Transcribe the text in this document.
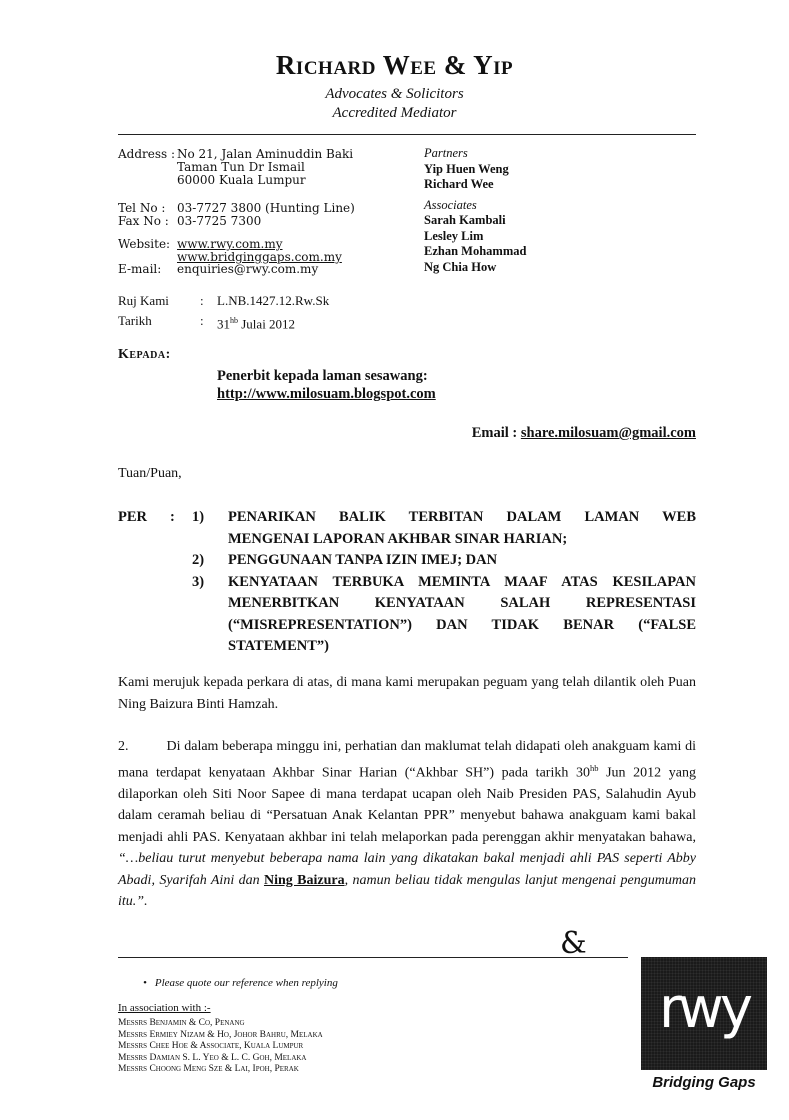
Richard Wee & Yip
Advocates & Solicitors
Accredited Mediator
Address : No 21, Jalan Aminuddin Baki
Taman Tun Dr Ismail
60000 Kuala Lumpur
Tel No : 03-7727 3800 (Hunting Line)
Fax No : 03-7725 7300
Website: www.rwy.com.my
www.bridginggaps.com.my
E-mail: enquiries@rwy.com.my
Partners
Yip Huen Weng
Richard Wee
Associates
Sarah Kambali
Lesley Lim
Ezhan Mohammad
Ng Chia How
Ruj Kami : L.NB.1427.12.Rw.Sk
Tarikh	: $31^{hb}$ Julai 2012
Kepada:
Penerbit kepada laman sesawang:
http://www.milosuam.blogspot.com
Email : share.milosuam@gmail.com
Tuan/Puan,
PER : 1) PENARIKAN BALIK TERBITAN DALAM LAMAN WEB
MENGENAI LAPORAN AKHBAR SINAR HARIAN;
2) PENGGUNAAN TANPA IZIN IMEJ; DAN
3) KENYATAAN TERBUKA MEMINTA MAAF ATAS KESILAPAN
MENERBITKAN KENYATAAN SALAH REPRESENTASI
(“MISREPRESENTATION”) DAN TIDAK BENAR (“FALSE
STATEMENT”)
Kami merujuk kepada perkara di atas, di mana kami merupakan peguam yang telah dilantik oleh Puan Ning Baizura Binti Hamzah.
2.	Di dalam beberapa minggu ini, perhatian dan maklumat telah didapati oleh anakguam kami di mana terdapat kenyataan Akhbar Sinar Harian (“Akhbar SH”) pada tarikh $30^{hb}$ Jun 2012 yang dilaporkan oleh Siti Noor Sapee di mana terdapat ucapan oleh Naib Presiden PAS, Salahudin Ayub dalam ceramah beliau di “Persatuan Anak Kelantan PPR” menyebut bahawa anakguam kami bakal menjadi ahli PAS. Kenyataan akhbar ini telah melaporkan pada perenggan akhir menyatakan bahawa, “…beliau turut menyebut beberapa nama lain yang dikatakan bakal menjadi ahli PAS seperti Abby Abadi, Syarifah Aini dan Ning Baizura, namun beliau tidak mengulas lanjut mengenai pengumuman itu.”.
&
• Please quote our reference when replying
In association with :-
Messrs Benjamin & Co, Penang
Messrs Ermiey Nizam & Ho, Johor Bahru, Melaka
Messrs Chee Hoe & Associate, Kuala Lumpur
Messrs Damian S. L. Yeo & L. C. Goh, Melaka
Messrs Choong Meng Sze & Lai, Ipoh, Perak
rwy
Bridging Gaps
